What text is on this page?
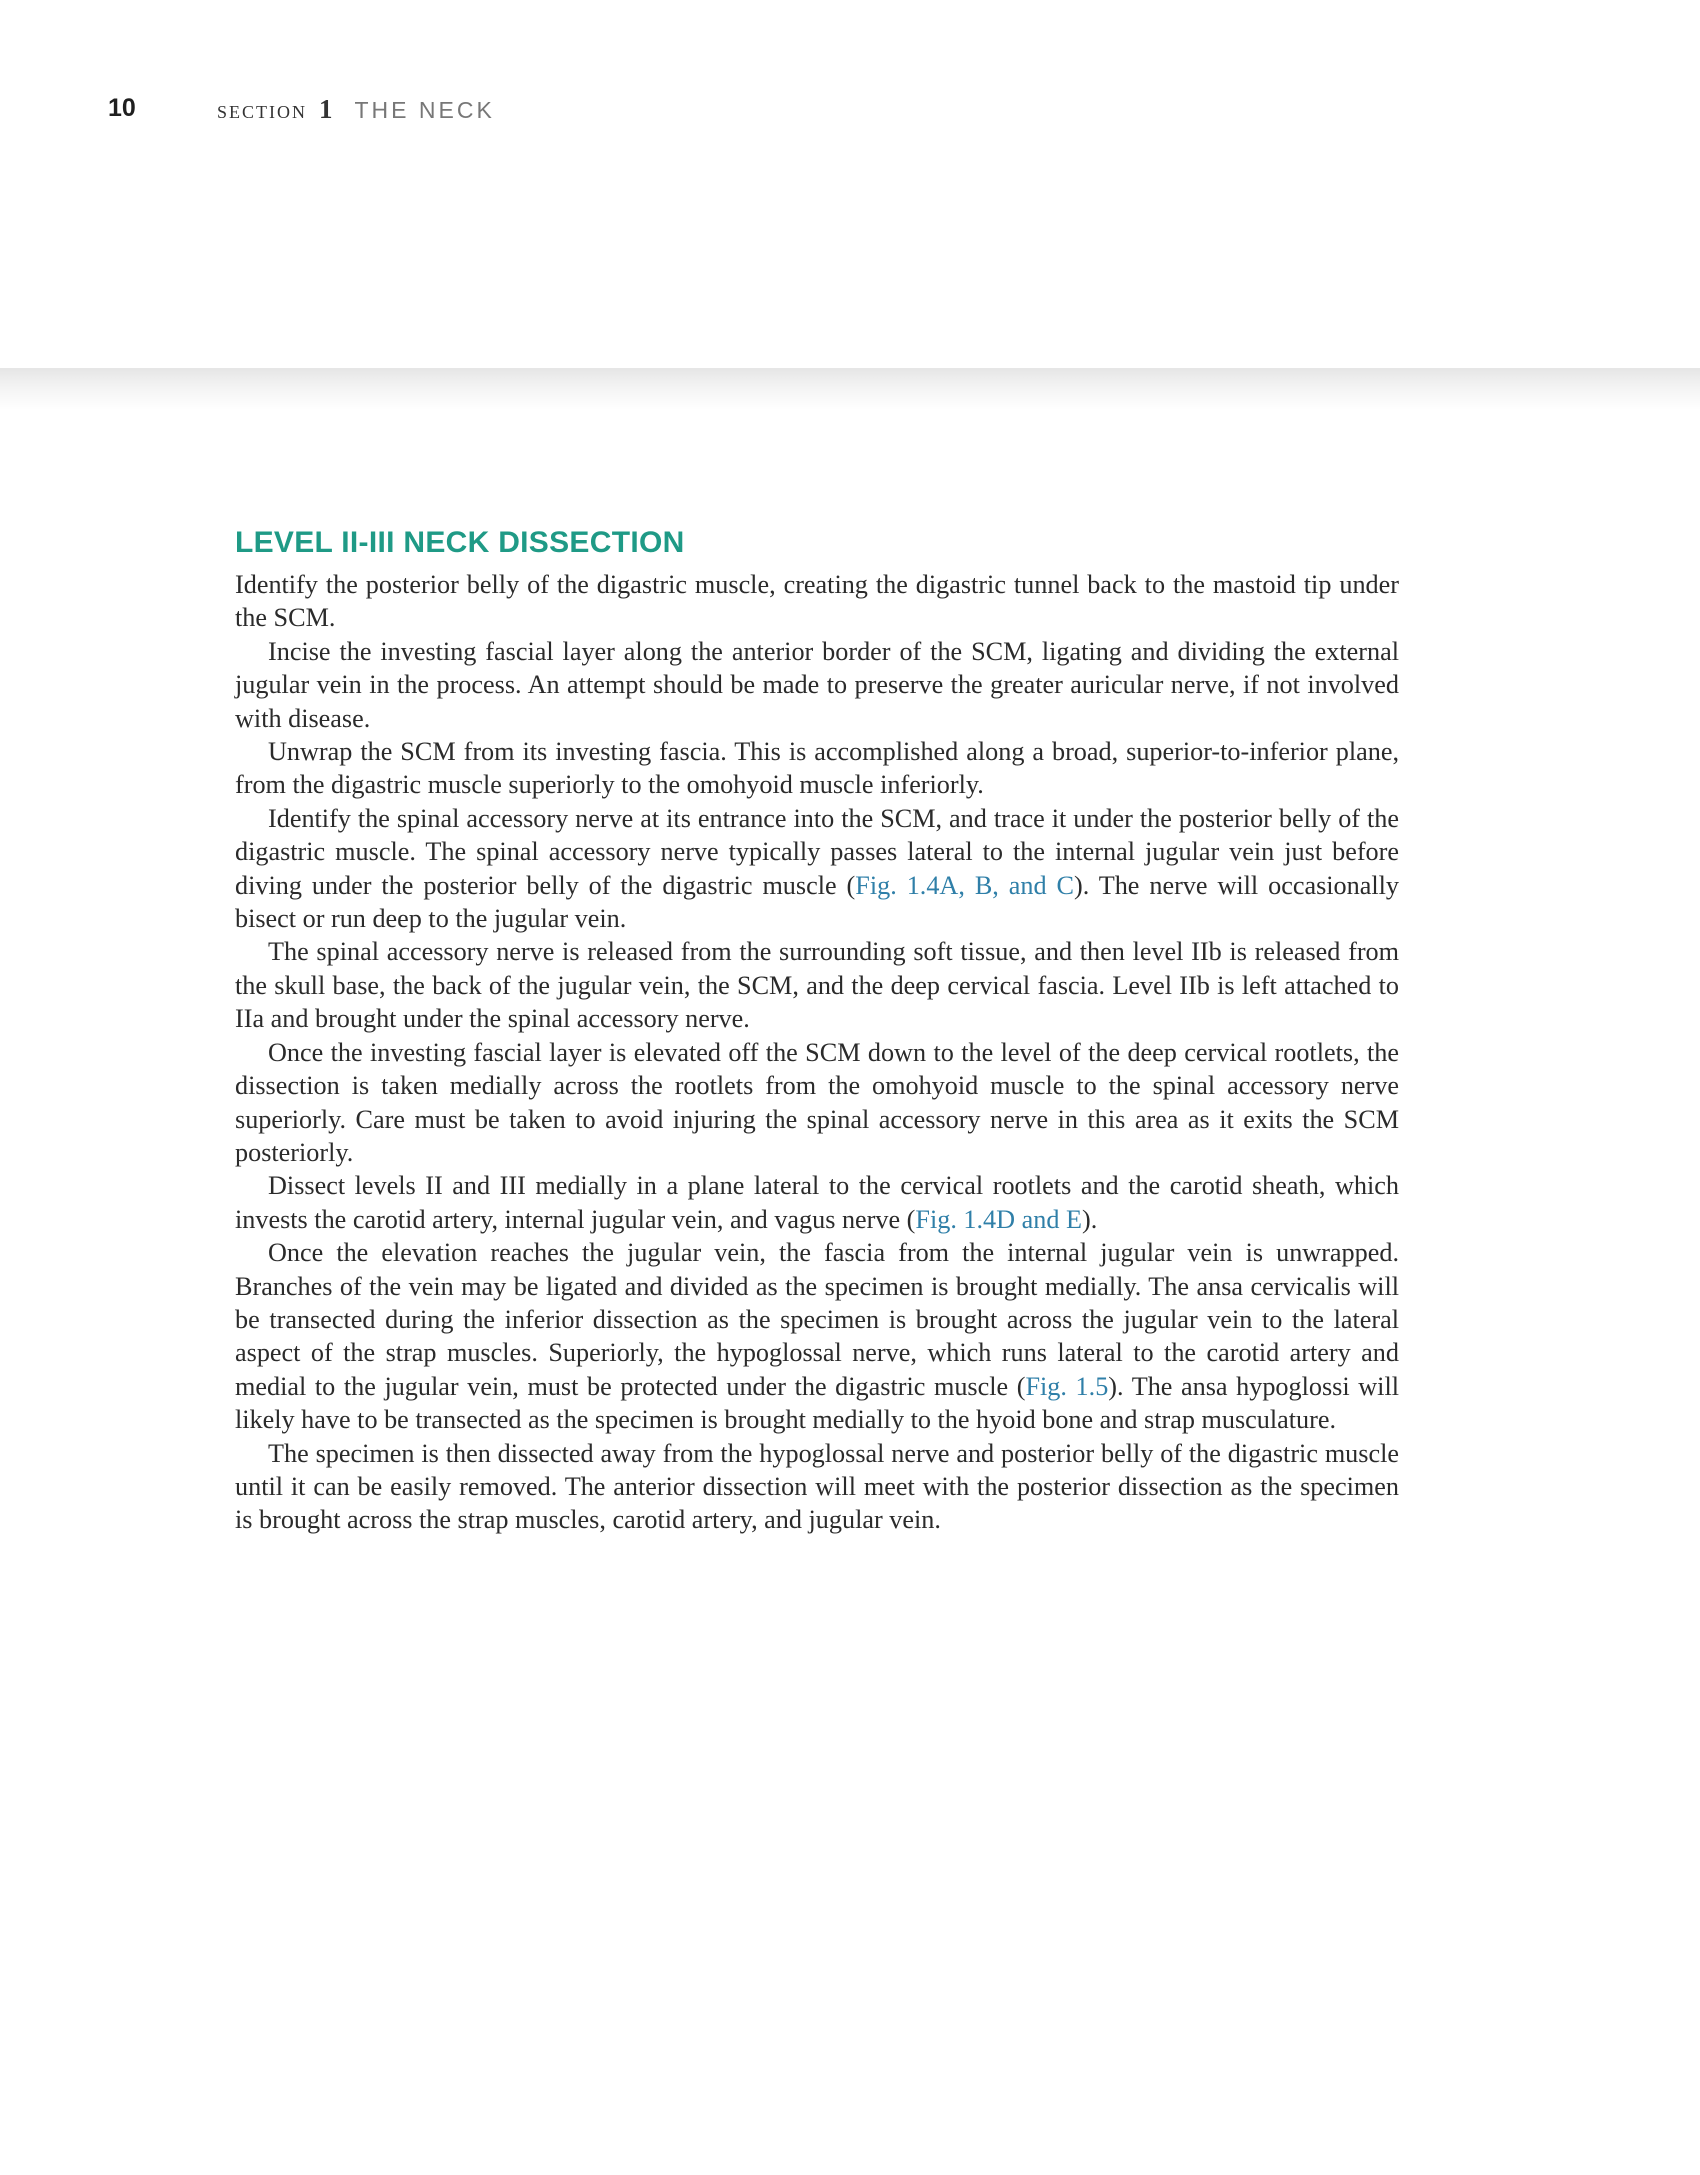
10	section 1 THE NECK
LEVEL II-III NECK DISSECTION

Identify the posterior belly of the digastric muscle, creating the digastric tunnel back to the mastoid tip under the SCM.

Incise the investing fascial layer along the anterior border of the SCM, ligating and dividing the external jugular vein in the process. An attempt should be made to preserve the greater auricular nerve, if not involved with disease.

Unwrap the SCM from its investing fascia. This is accomplished along a broad, superior-to-inferior plane, from the digastric muscle superiorly to the omohyoid muscle inferiorly.

Identify the spinal accessory nerve at its entrance into the SCM, and trace it under the posterior belly of the digastric muscle. The spinal accessory nerve typically passes lateral to the internal jugular vein just before diving under the posterior belly of the digastric muscle (Fig. 1.4A, B, and C). The nerve will occasionally bisect or run deep to the jugular vein.

The spinal accessory nerve is released from the surrounding soft tissue, and then level IIb is released from the skull base, the back of the jugular vein, the SCM, and the deep cervical fascia. Level IIb is left attached to IIa and brought under the spinal accessory nerve.

Once the investing fascial layer is elevated off the SCM down to the level of the deep cervical rootlets, the dissection is taken medially across the rootlets from the omohyoid muscle to the spinal accessory nerve superiorly. Care must be taken to avoid injuring the spinal accessory nerve in this area as it exits the SCM posteriorly.

Dissect levels II and III medially in a plane lateral to the cervical rootlets and the carotid sheath, which invests the carotid artery, internal jugular vein, and vagus nerve (Fig. 1.4D and E).

Once the elevation reaches the jugular vein, the fascia from the internal jugular vein is unwrapped. Branches of the vein may be ligated and divided as the specimen is brought medially. The ansa cervicalis will be transected during the inferior dissection as the specimen is brought across the jugular vein to the lateral aspect of the strap muscles. Superiorly, the hypoglossal nerve, which runs lateral to the carotid artery and medial to the jugular vein, must be protected under the digastric muscle (Fig. 1.5). The ansa hypoglossi will likely have to be transected as the specimen is brought medially to the hyoid bone and strap musculature.

The specimen is then dissected away from the hypoglossal nerve and posterior belly of the digastric muscle until it can be easily removed. The anterior dissection will meet with the posterior dissection as the specimen is brought across the strap muscles, carotid artery, and jugular vein.
